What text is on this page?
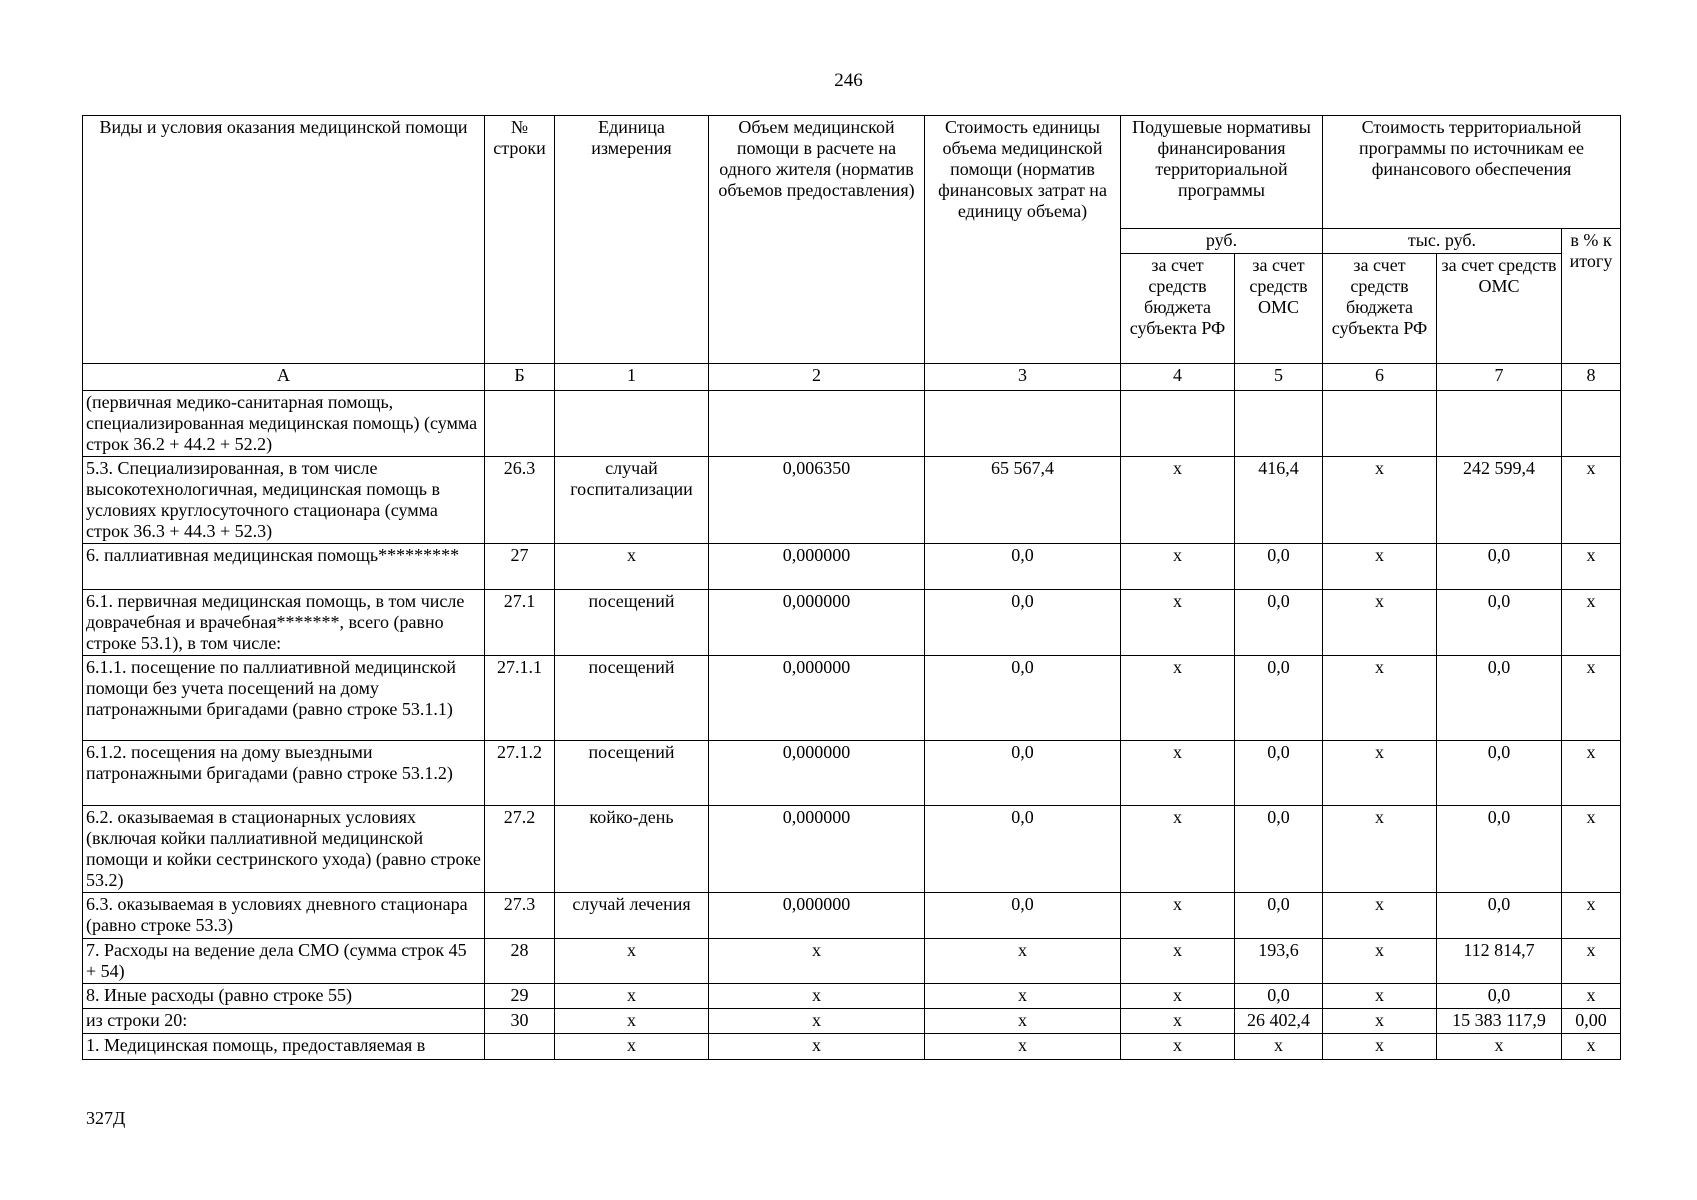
246
Виды и условия оказания медицинской помощи	№ строки	Единица измерения	Объем медицинской помощи в расчете на одного жителя (норматив объемов предоставления)	Стоимость единицы объема медицинской помощи (норматив финансовых затрат на единицу объема)	Подушевые нормативы финансирования территориальной программы		Стоимость территориальной программы по источникам ее финансового обеспечения		
					руб.		тыс. руб.		в % к итогу
					за счет средств бюджета субъекта РФ	за счет средств ОМС	за счет средств бюджета субъекта РФ	за счет средств ОМС	
А	Б	1	2	3	4	5	6	7	8
(первичная медико-санитарная помощь, специализированная медицинская помощь) (сумма строк 36.2 + 44.2 + 52.2)									
5.3. Специализированная, в том числе высокотехнологичная, медицинская помощь в условиях круглосуточного стационара (сумма строк 36.3 + 44.3 + 52.3)	26.3	случай госпитализации	0,006350	65 567,4	х	416,4	х	242 599,4	х
6. паллиативная медицинская помощь*********	27	х	0,000000	0,0	х	0,0	х	0,0	х
6.1. первичная медицинская помощь, в том числе доврачебная и врачебная*******, всего (равно строке 53.1), в том числе:	27.1	посещений	0,000000	0,0	х	0,0	х	0,0	х
6.1.1. посещение по паллиативной медицинской помощи без учета посещений на дому патронажными бригадами (равно строке 53.1.1)	27.1.1	посещений	0,000000	0,0	х	0,0	х	0,0	х
6.1.2. посещения на дому выездными патронажными бригадами (равно строке 53.1.2)	27.1.2	посещений	0,000000	0,0	х	0,0	х	0,0	х
6.2. оказываемая в стационарных условиях (включая койки паллиативной медицинской помощи и койки сестринского ухода) (равно строке 53.2)	27.2	койко-день	0,000000	0,0	х	0,0	х	0,0	х
6.3. оказываемая в условиях дневного стационара (равно строке 53.3)	27.3	случай лечения	0,000000	0,0	х	0,0	х	0,0	х
7. Расходы на ведение дела СМО (сумма строк 45 + 54)	28	х	х	х	х	193,6	х	112 814,7	х
8. Иные расходы (равно строке 55)	29	х	х	х	х	0,0	х	0,0	х
из строки 20:	30	х	х	х	х	26 402,4	х	15 383 117,9	0,00
1. Медицинская помощь, предоставляемая в		х	х	х	х	х	х	х	х
327Д
